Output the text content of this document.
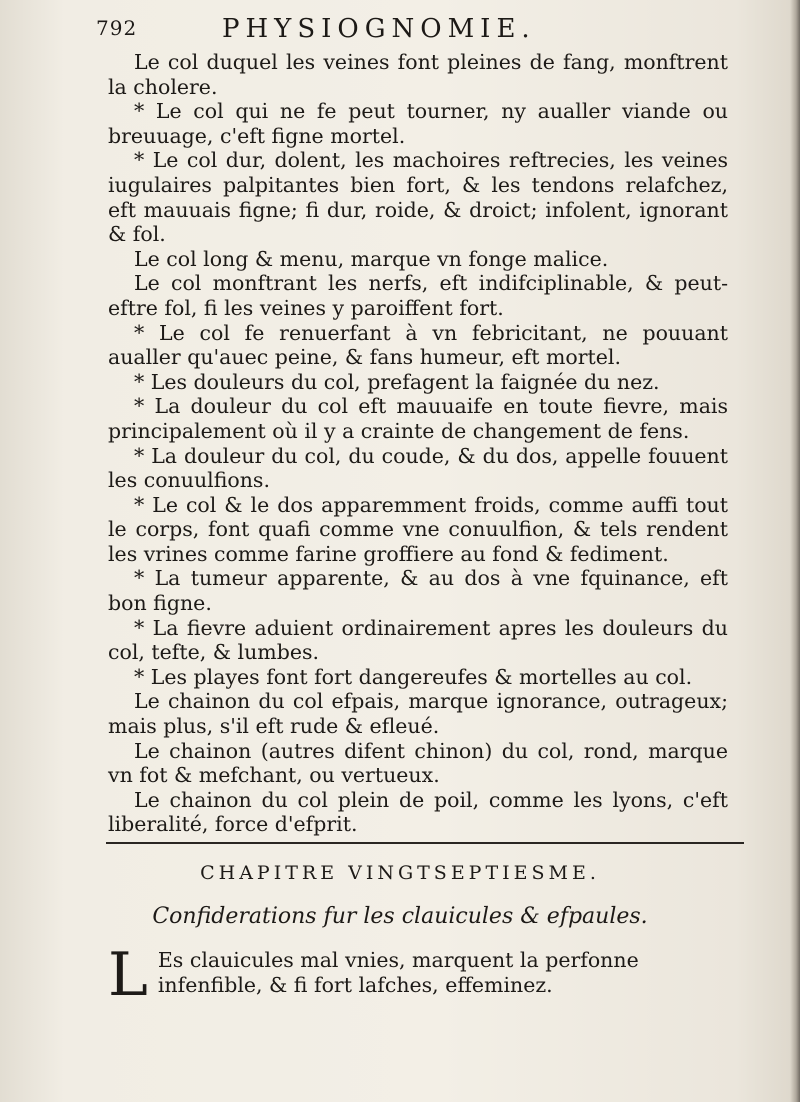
792	PHYSIOGNOMIE.

Le col duquel les veines font pleines de fang, monftrent la cholere.

* Le col qui ne fe peut tourner, ny aualler viande ou breuuage, c'eft figne mortel.

* Le col dur, dolent, les machoires reftrecies, les veines iugulaires palpitantes bien fort, & les tendons relafchez, eft mauuais figne; fi dur, roide, & droict; infolent, ignorant & fol.

Le col long & menu, marque vn fonge malice.

Le col monftrant les nerfs, eft indifciplinable, & peut-eftre fol, fi les veines y paroiffent fort.

* Le col fe renuerfant à vn febricitant, ne pouuant aualler qu'auec peine, & fans humeur, eft mortel.

* Les douleurs du col, prefagent la faignée du nez.

* La douleur du col eft mauuaife en toute fievre, mais principalement où il y a crainte de changement de fens.

* La douleur du col, du coude, & du dos, appelle fouuent les conuulfions.

* Le col & le dos apparemment froids, comme auffi tout le corps, font quafi comme vne conuulfion, & tels rendent les vrines comme farine groffiere au fond & fediment.

* La tumeur apparente, & au dos à vne fquinance, eft bon figne.

* La fievre aduient ordinairement apres les douleurs du col, tefte, & lumbes.

* Les playes font fort dangereufes & mortelles au col.

Le chainon du col efpais, marque ignorance, outrageux; mais plus, s'il eft rude & efleué.

Le chainon (autres difent chinon) du col, rond, marque vn fot & mefchant, ou vertueux.

Le chainon du col plein de poil, comme les lyons, c'eft liberalité, force d'efprit.

CHAPITRE VINGTSEPTIESME.
Confiderations fur les clauicules & efpaules.
L Es clauicules mal vnies, marquent la perfonne infenfible, & fi fort lafches, effeminez.
